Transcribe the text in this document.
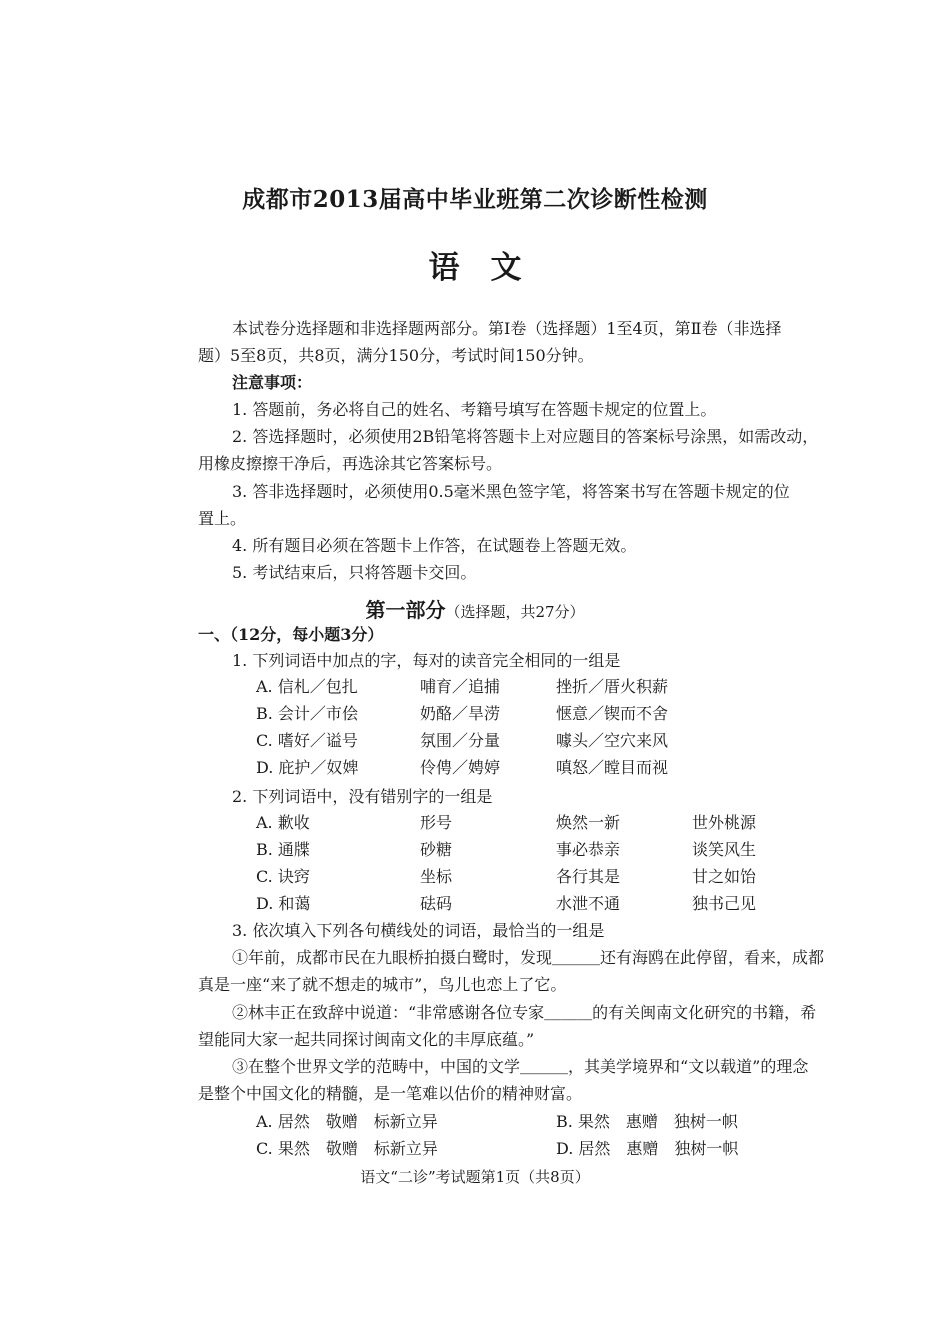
成都市2013届高中毕业班第二次诊断性检测
语　文
本试卷分选择题和非选择题两部分。第Ⅰ卷（选择题）1至4页，第Ⅱ卷（非选择
题）5至8页，共8页，满分150分，考试时间150分钟。
注意事项：
1. 答题前，务必将自己的姓名、考籍号填写在答题卡规定的位置上。
2. 答选择题时，必须使用2B铅笔将答题卡上对应题目的答案标号涂黑，如需改动，
用橡皮擦擦干净后，再选涂其它答案标号。
3. 答非选择题时，必须使用0.5毫米黑色签字笔，将答案书写在答题卡规定的位
置上。
4. 所有题目必须在答题卡上作答，在试题卷上答题无效。
5. 考试结束后，只将答题卡交回。
第一部分（选择题，共27分）
一、（12分，每小题3分）
1. 下列词语中加点的字，每对的读音完全相同的一组是
A. 信札／包扎	哺育／追捕	挫折／厝火积薪
B. 会计／市侩	奶酪／旱涝	惬意／锲而不舍
C. 嗜好／谥号	氛围／分量	噱头／空穴来风
D. 庇护／奴婢	伶俜／娉婷	嗔怒／瞠目而视
2. 下列词语中，没有错别字的一组是
A. 歉收	形号	焕然一新	世外桃源
B. 通牒	砂糖	事必恭亲	谈笑风生
C. 诀窍	坐标	各行其是	甘之如饴
D. 和蔼	砝码	水泄不通	独书己见
3. 依次填入下列各句横线处的词语，最恰当的一组是
①年前，成都市民在九眼桥拍摄白鹭时，发现＿＿＿还有海鸥在此停留，看来，成都
真是一座“来了就不想走的城市”，鸟儿也恋上了它。
②林丰正在致辞中说道：“非常感谢各位专家＿＿＿的有关闽南文化研究的书籍，希
望能同大家一起共同探讨闽南文化的丰厚底蕴。”
③在整个世界文学的范畴中，中国的文学＿＿＿，其美学境界和“文以载道”的理念
是整个中国文化的精髓，是一笔难以估价的精神财富。
A. 居然　敬赠　标新立异	B. 果然　惠赠　独树一帜
C. 果然　敬赠　标新立异	D. 居然　惠赠　独树一帜
语文“二诊”考试题第1页（共8页）
